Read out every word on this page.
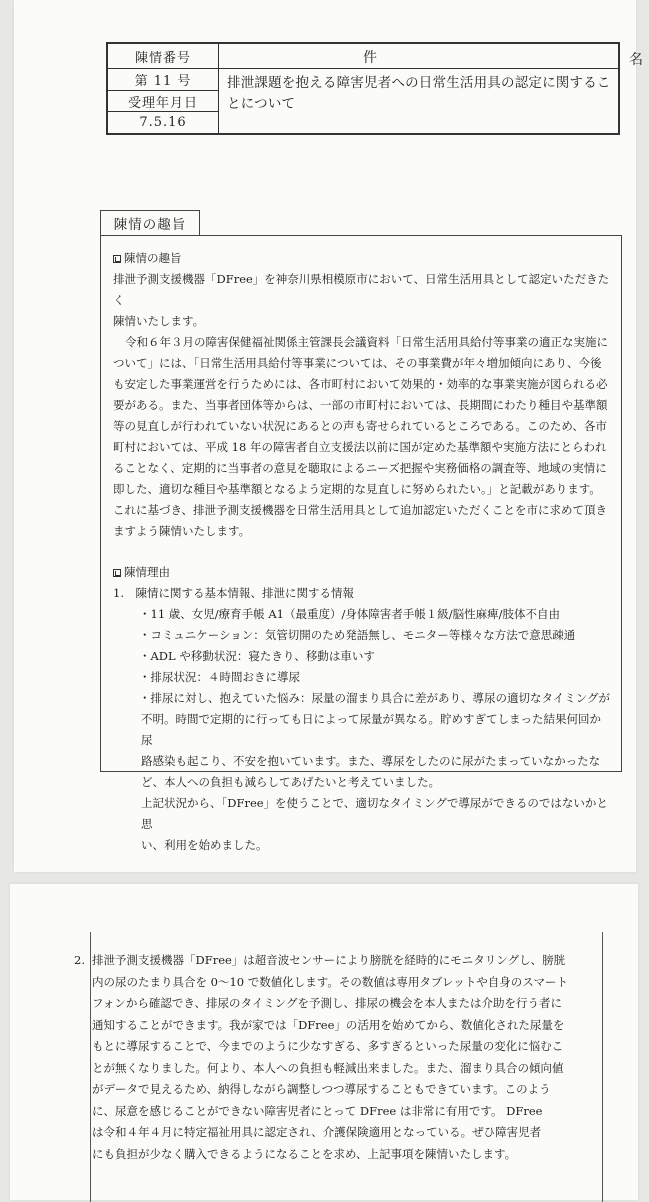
陳情番号	件	名
第 11 号
受理年月日
7.5.16
排泄課題を抱える障害児者への日常生活用具の認定に関するこ
とについて
陳情の趣旨
陳情の趣旨

排泄予測支援機器「DFree」を神奈川県相模原市において、日常生活用具として認定いただきたく

陳情いたします。

令和６年３月の障害保健福祉関係主管課長会議資料「日常生活用具給付等事業の適正な実施に

ついて」には、「日常生活用具給付等事業については、その事業費が年々増加傾向にあり、今後

も安定した事業運営を行うためには、各市町村において効果的・効率的な事業実施が図られる必

要がある。また、当事者団体等からは、一部の市町村においては、長期間にわたり種目や基準額

等の見直しが行われていない状況にあるとの声も寄せられているところである。このため、各市

町村においては、平成 18 年の障害者自立支援法以前に国が定めた基準額や実施方法にとらわれ

ることなく、定期的に当事者の意見を聴取によるニーズ把握や実務価格の調査等、地域の実情に

即した、適切な種目や基準額となるよう定期的な見直しに努められたい。」と記載があります。

これに基づき、排泄予測支援機器を日常生活用具として追加認定いただくことを市に求めて頂き

ますよう陳情いたします。

陳情理由

1.　陳情に関する基本情報、排泄に関する情報

・11 歳、女児/療育手帳 A1（最重度）/身体障害者手帳１級/脳性麻痺/肢体不自由

・コミュニケーション：気管切開のため発語無し、モニター等様々な方法で意思疎通

・ADL や移動状況：寝たきり、移動は車いす

・排尿状況：４時間おきに導尿

・排尿に対し、抱えていた悩み：尿量の溜まり具合に差があり、導尿の適切なタイミングが

不明。時間で定期的に行っても日によって尿量が異なる。貯めすぎてしまった結果何回か尿

路感染も起こり、不安を抱いています。また、導尿をしたのに尿がたまっていなかったな

ど、本人への負担も減らしてあげたいと考えていました。

上記状況から、「DFree」を使うことで、適切なタイミングで導尿ができるのではないかと思

い、利用を始めました。

2. 排泄予測支援機器「DFree」は超音波センサーにより膀胱を経時的にモニタリングし、膀胱

内の尿のたまり具合を 0～10 で数値化します。その数値は専用タブレットや自身のスマート

フォンから確認でき、排尿のタイミングを予測し、排尿の機会を本人または介助を行う者に

通知することができます。我が家では「DFree」の活用を始めてから、数値化された尿量を

もとに導尿することで、今までのように少なすぎる、多すぎるといった尿量の変化に悩むこ

とが無くなりました。何より、本人への負担も軽減出来ました。また、溜まり具合の傾向値

がデータで見えるため、納得しながら調整しつつ導尿することもできています。このよう

に、尿意を感じることができない障害児者にとって DFree は非常に有用です。 DFree

は令和４年４月に特定福祉用具に認定され、介護保険適用となっている。ぜひ障害児者

にも負担が少なく購入できるようになることを求め、上記事項を陳情いたします。
